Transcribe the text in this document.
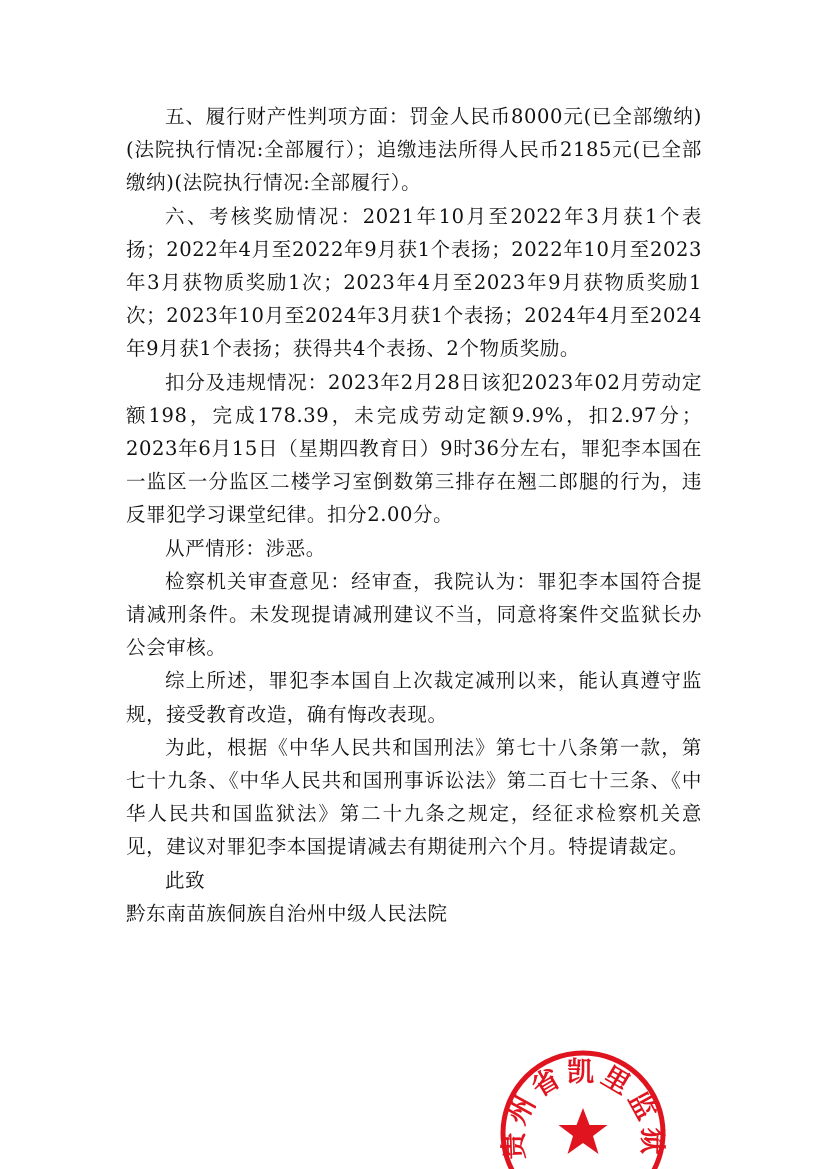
五、履行财产性判项方面：罚金人民币8000元(已全部缴纳)(法院执行情况:全部履行）；追缴违法所得人民币2185元(已全部缴纳)(法院执行情况:全部履行）。

六、考核奖励情况：2021年10月至2022年3月获1个表扬；2022年4月至2022年9月获1个表扬；2022年10月至2023年3月获物质奖励1次；2023年4月至2023年9月获物质奖励1次；2023年10月至2024年3月获1个表扬；2024年4月至2024年9月获1个表扬；获得共4个表扬、2个物质奖励。

扣分及违规情况：2023年2月28日该犯2023年02月劳动定额198，完成178.39，未完成劳动定额9.9%，扣2.97分；2023年6月15日（星期四教育日）9时36分左右，罪犯李本国在一监区一分监区二楼学习室倒数第三排存在翘二郎腿的行为，违反罪犯学习课堂纪律。扣分2.00分。

从严情形：涉恶。

检察机关审查意见：经审查，我院认为：罪犯李本国符合提请减刑条件。未发现提请减刑建议不当，同意将案件交监狱长办公会审核。

综上所述，罪犯李本国自上次裁定减刑以来，能认真遵守监规，接受教育改造，确有悔改表现。

为此，根据《中华人民共和国刑法》第七十八条第一款，第七十九条、《中华人民共和国刑事诉讼法》第二百七十三条、《中华人民共和国监狱法》第二十九条之规定，经征求检察机关意见，建议对罪犯李本国提请减去有期徒刑六个月。特提请裁定。

此致

黔东南苗族侗族自治州中级人民法院

贵州省凯里监狱
